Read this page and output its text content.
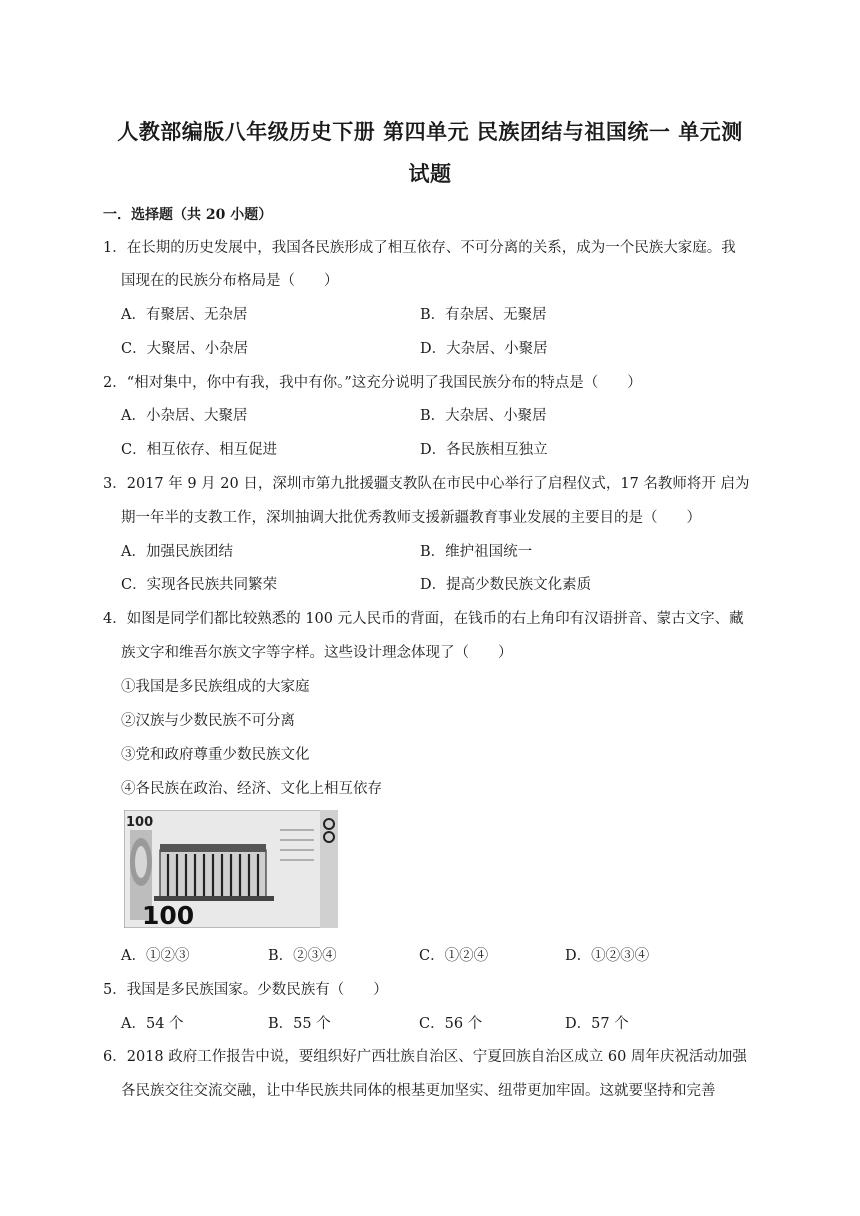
人教部编版八年级历史下册 第四单元 民族团结与祖国统一 单元测
试题
一．选择题（共 20 小题）
1．在长期的历史发展中，我国各民族形成了相互依存、不可分离的关系，成为一个民族大家庭。我
国现在的民族分布格局是（　　）
A．有聚居、无杂居	B．有杂居、无聚居
C．大聚居、小杂居	D．大杂居、小聚居
2．“相对集中，你中有我，我中有你。”这充分说明了我国民族分布的特点是（　　）
A．小杂居、大聚居	B．大杂居、小聚居
C．相互依存、相互促进	D．各民族相互独立
3．2017 年 9 月 20 日，深圳市第九批援疆支教队在市民中心举行了启程仪式，17 名教师将开 启为
期一年半的支教工作，深圳抽调大批优秀教师支援新疆教育事业发展的主要目的是（　　）
A．加强民族团结	B．维护祖国统一
C．实现各民族共同繁荣	D．提高少数民族文化素质
4．如图是同学们都比较熟悉的 100 元人民币的背面，在钱币的右上角印有汉语拼音、蒙古文字、藏
族文字和维吾尔族文字等字样。这些设计理念体现了（　　）
①我国是多民族组成的大家庭
②汉族与少数民族不可分离
③党和政府尊重少数民族文化
④各民族在政治、经济、文化上相互依存
100
100
A．①②③	B．②③④	C．①②④	D．①②③④
5．我国是多民族国家。少数民族有（　　）
A．54 个	B．55 个	C．56 个	D．57 个
6．2018 政府工作报告中说，要组织好广西壮族自治区、宁夏回族自治区成立 60 周年庆祝活动加强
各民族交往交流交融，让中华民族共同体的根基更加坚实、纽带更加牢固。这就要坚持和完善
